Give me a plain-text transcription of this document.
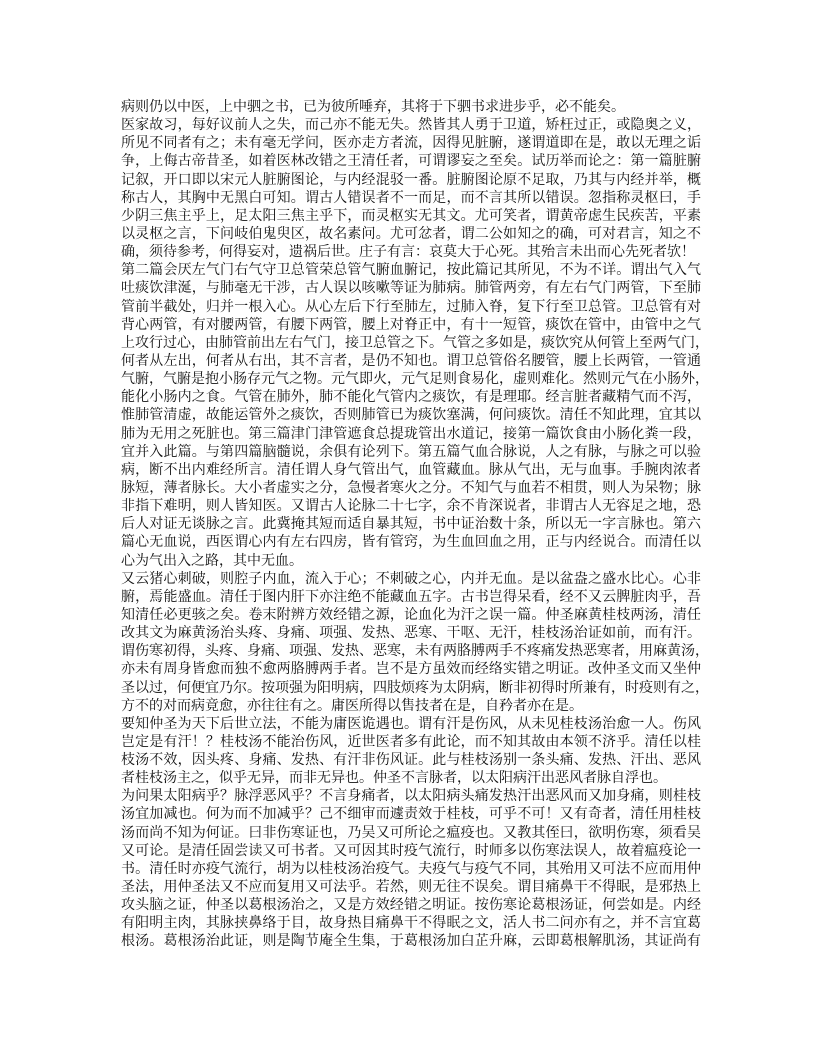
病则仍以中医，上中驷之书，已为彼所唾弃，其将于下驷书求进步乎，必不能矣。
医家故习，每好议前人之失，而己亦不能无失。然皆其人勇于卫道，矫枉过正，或隐奥之义，
所见不同者有之；未有毫无学问，医亦走方者流，因得见脏腑，遂谓道即在是，敢以无理之诟
争，上侮古帝昔圣，如着医林改错之王清任者，可谓谬妄之至矣。试历举而论之：第一篇脏腑
记叙，开口即以宋元人脏腑图论，与内经混驳一番。脏腑图论原不足取，乃其与内经并举，概
称古人，其胸中无黑白可知。谓古人错误者不一而足，而不言其所以错误。忽指称灵枢曰，手
少阴三焦主乎上，足太阳三焦主乎下，而灵枢实无其文。尤可笑者，谓黄帝虑生民疾苦，平素
以灵枢之言，下问岐伯鬼臾区，故名素问。尤可忿者，谓二公如知之的确，可对君言，知之不
确，须待参考，何得妄对，遗祸后世。庄子有言：哀莫大于心死。其殆言未出而心先死者欤！
第二篇会厌左气门右气守卫总管荣总管气腑血腑记，按此篇记其所见，不为不详。谓出气入气
吐痰饮津涎，与肺毫无干涉，古人误以咳嗽等证为肺病。肺管两旁，有左右气门两管，下至肺
管前半截处，归并一根入心。从心左后下行至肺左，过肺入脊，复下行至卫总管。卫总管有对
背心两管，有对腰两管，有腰下两管，腰上对脊正中，有十一短管，痰饮在管中，由管中之气
上攻行过心，由肺管前出左右气门，接卫总管之下。气管之多如是，痰饮究从何管上至两气门，
何者从左出，何者从右出，其不言者，是仍不知也。谓卫总管俗名腰管，腰上长两管，一管通
气腑，气腑是抱小肠存元气之物。元气即火，元气足则食易化，虚则难化。然则元气在小肠外，
能化小肠内之食。气管在肺外，肺不能化气管内之痰饮，有是理耶。经言脏者藏精气而不泻，
惟肺管清虚，故能运管外之痰饮，否则肺管已为痰饮塞满，何问痰饮。清任不知此理，宜其以
肺为无用之死脏也。第三篇津门津管遮食总提珑管出水道记，接第一篇饮食由小肠化粪一段，
宜并入此篇。与第四篇脑髓说，余俱有论列下。第五篇气血合脉说，人之有脉，与脉之可以验
病，断不出内难经所言。清任谓人身气管出气，血管藏血。脉从气出，无与血事。手腕肉浓者
脉短，薄者脉长。大小者虚实之分，急慢者寒火之分。不知气与血若不相贯，则人为呆物；脉
非指下难明，则人皆知医。又谓古人论脉二十七字，余不肯深说者，非谓古人无容足之地，恐
后人对证无谈脉之言。此冀掩其短而适自暴其短，书中证治数十条，所以无一字言脉也。第六
篇心无血说，西医谓心内有左右四房，皆有管窍，为生血回血之用，正与内经说合。而清任以
心为气出入之路，其中无血。
又云猪心刺破，则腔子内血，流入于心；不刺破之心，内并无血。是以盆盎之盛水比心。心非
腑，焉能盛血。清任于图内肝下亦注绝不能藏血五字。古书岂得呆看，经不又云脾脏肉乎，吾
知清任必更骇之矣。卷末附辨方效经错之源，论血化为汗之误一篇。仲圣麻黄桂枝两汤，清任
改其文为麻黄汤治头疼、身痛、项强、发热、恶寒、干呕、无汗，桂枝汤治证如前，而有汗。
谓伤寒初得，头疼、身痛、项强、发热、恶寒，未有两胳膊两手不疼痛发热恶寒者，用麻黄汤，
亦未有周身皆愈而独不愈两胳膊两手者。岂不是方虽效而经络实错之明证。改仲圣文而又坐仲
圣以过，何便宜乃尔。按项强为阳明病，四肢烦疼为太阴病，断非初得时所兼有，时疫则有之，
方不的对而病竟愈，亦往往有之。庸医所得以售技者在是，自矜者亦在是。
要知仲圣为天下后世立法，不能为庸医诡遇也。谓有汗是伤风，从未见桂枝汤治愈一人。伤风
岂定是有汗！？桂枝汤不能治伤风，近世医者多有此论，而不知其故由本领不济乎。清任以桂
枝汤不效，因头疼、身痛、发热、有汗非伤风证。此与桂枝汤别一条头痛、发热、汗出、恶风
者桂枝汤主之，似乎无异，而非无异也。仲圣不言脉者，以太阳病汗出恶风者脉自浮也。
为问果太阳病乎？脉浮恶风乎？不言身痛者，以太阳病头痛发热汗出恶风而又加身痛，则桂枝
汤宜加减也。何为而不加减乎？己不细审而遽责效于桂枝，可乎不可！又有奇者，清任用桂枝
汤而尚不知为何证。曰非伤寒证也，乃吴又可所论之瘟疫也。又教其侄曰，欲明伤寒，须看吴
又可论。是清任固尝读又可书者。又可因其时疫气流行，时师多以伤寒法误人，故着瘟疫论一
书。清任时亦疫气流行，胡为以桂枝汤治疫气。夫疫气与疫气不同，其殆用又可法不应而用仲
圣法，用仲圣法又不应而复用又可法乎。若然，则无往不误矣。谓目痛鼻干不得眠，是邪热上
攻头脑之证，仲圣以葛根汤治之，又是方效经错之明证。按伤寒论葛根汤证，何尝如是。内经
有阳明主肉，其脉挟鼻络于目，故身热目痛鼻干不得眠之文，活人书二问亦有之，并不言宜葛
根汤。葛根汤治此证，则是陶节庵全生集，于葛根汤加白芷升麻，云即葛根解肌汤，其证尚有
